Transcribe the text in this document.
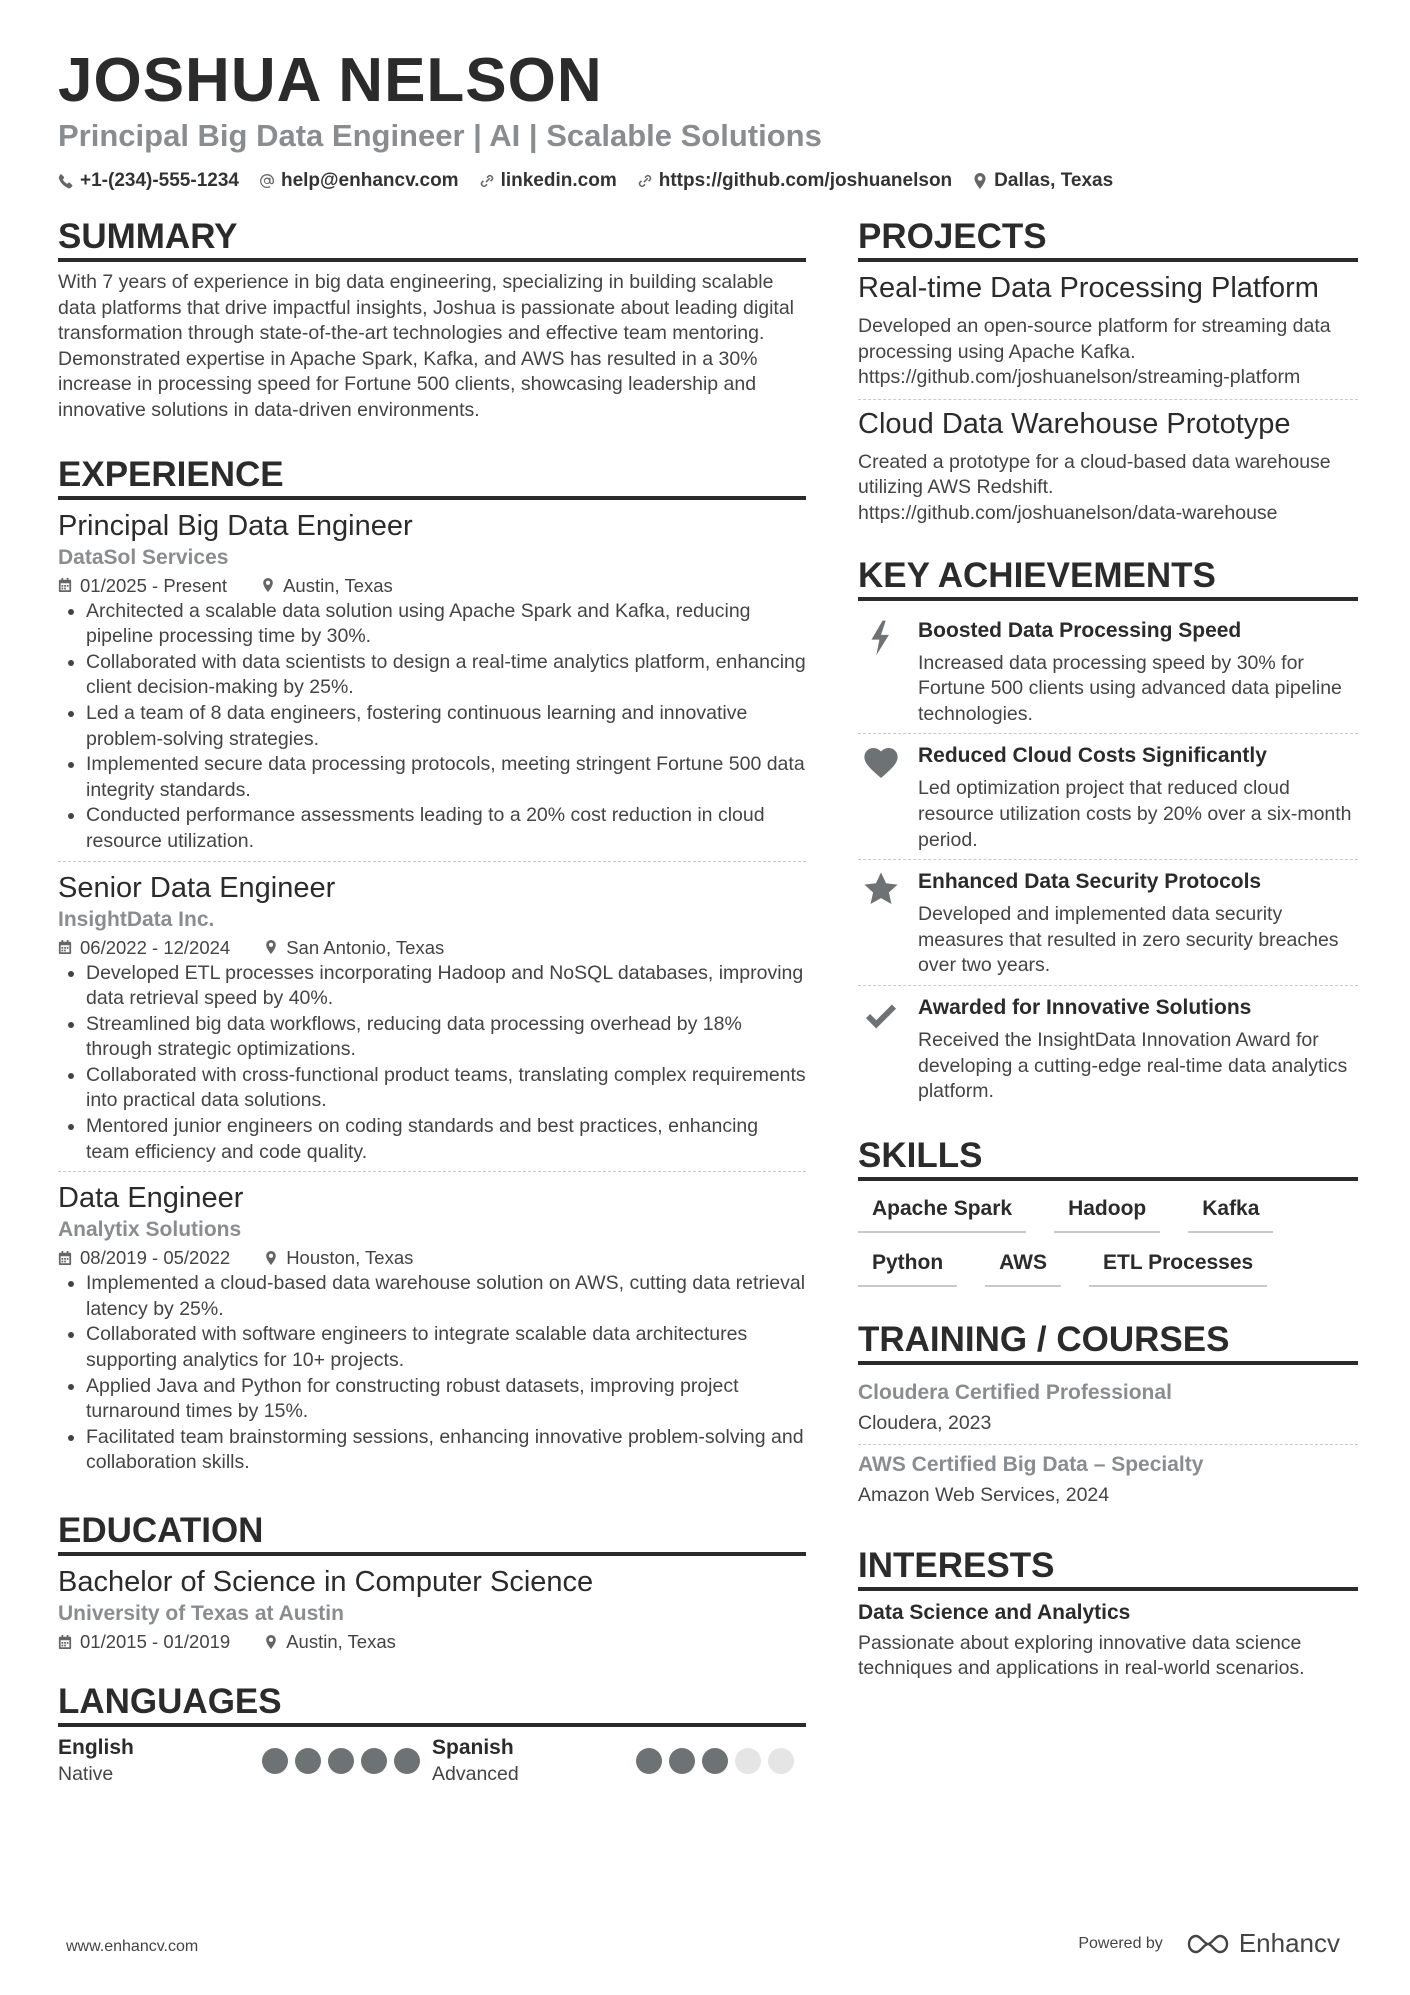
JOSHUA NELSON
Principal Big Data Engineer | AI | Scalable Solutions
+1-(234)-555-1234 help@enhancv.com linkedin.com https://github.com/joshuanelson Dallas, Texas
SUMMARY
With 7 years of experience in big data engineering, specializing in building scalable data platforms that drive impactful insights, Joshua is passionate about leading digital transformation through state-of-the-art technologies and effective team mentoring. Demonstrated expertise in Apache Spark, Kafka, and AWS has resulted in a 30% increase in processing speed for Fortune 500 clients, showcasing leadership and innovative solutions in data-driven environments.
EXPERIENCE
Principal Big Data Engineer
DataSol Services
01/2025 - Present	Austin, Texas
Architected a scalable data solution using Apache Spark and Kafka, reducing pipeline processing time by 30%.
Collaborated with data scientists to design a real-time analytics platform, enhancing client decision-making by 25%.
Led a team of 8 data engineers, fostering continuous learning and innovative problem-solving strategies.
Implemented secure data processing protocols, meeting stringent Fortune 500 data integrity standards.
Conducted performance assessments leading to a 20% cost reduction in cloud resource utilization.
Senior Data Engineer
InsightData Inc.
06/2022 - 12/2024	San Antonio, Texas
Developed ETL processes incorporating Hadoop and NoSQL databases, improving data retrieval speed by 40%.
Streamlined big data workflows, reducing data processing overhead by 18% through strategic optimizations.
Collaborated with cross-functional product teams, translating complex requirements into practical data solutions.
Mentored junior engineers on coding standards and best practices, enhancing team efficiency and code quality.
Data Engineer
Analytix Solutions
08/2019 - 05/2022	Houston, Texas
Implemented a cloud-based data warehouse solution on AWS, cutting data retrieval latency by 25%.
Collaborated with software engineers to integrate scalable data architectures supporting analytics for 10+ projects.
Applied Java and Python for constructing robust datasets, improving project turnaround times by 15%.
Facilitated team brainstorming sessions, enhancing innovative problem-solving and collaboration skills.
EDUCATION
Bachelor of Science in Computer Science
University of Texas at Austin
01/2015 - 01/2019	Austin, Texas
LANGUAGES
English
Native
Spanish
Advanced
PROJECTS
Real-time Data Processing Platform
Developed an open-source platform for streaming data processing using Apache Kafka. https://github.com/joshuanelson/streaming-platform
Cloud Data Warehouse Prototype
Created a prototype for a cloud-based data warehouse utilizing AWS Redshift. https://github.com/joshuanelson/data-warehouse
KEY ACHIEVEMENTS
Boosted Data Processing Speed
Increased data processing speed by 30% for Fortune 500 clients using advanced data pipeline technologies.
Reduced Cloud Costs Significantly
Led optimization project that reduced cloud resource utilization costs by 20% over a six-month period.
Enhanced Data Security Protocols
Developed and implemented data security measures that resulted in zero security breaches over two years.
Awarded for Innovative Solutions
Received the InsightData Innovation Award for developing a cutting-edge real-time data analytics platform.
SKILLS
Apache Spark	Hadoop	Kafka
Python	AWS	ETL Processes
TRAINING / COURSES
Cloudera Certified Professional
Cloudera, 2023
AWS Certified Big Data – Specialty
Amazon Web Services, 2024
INTERESTS
Data Science and Analytics
Passionate about exploring innovative data science techniques and applications in real-world scenarios.
www.enhancv.com	Powered by	Enhancv
